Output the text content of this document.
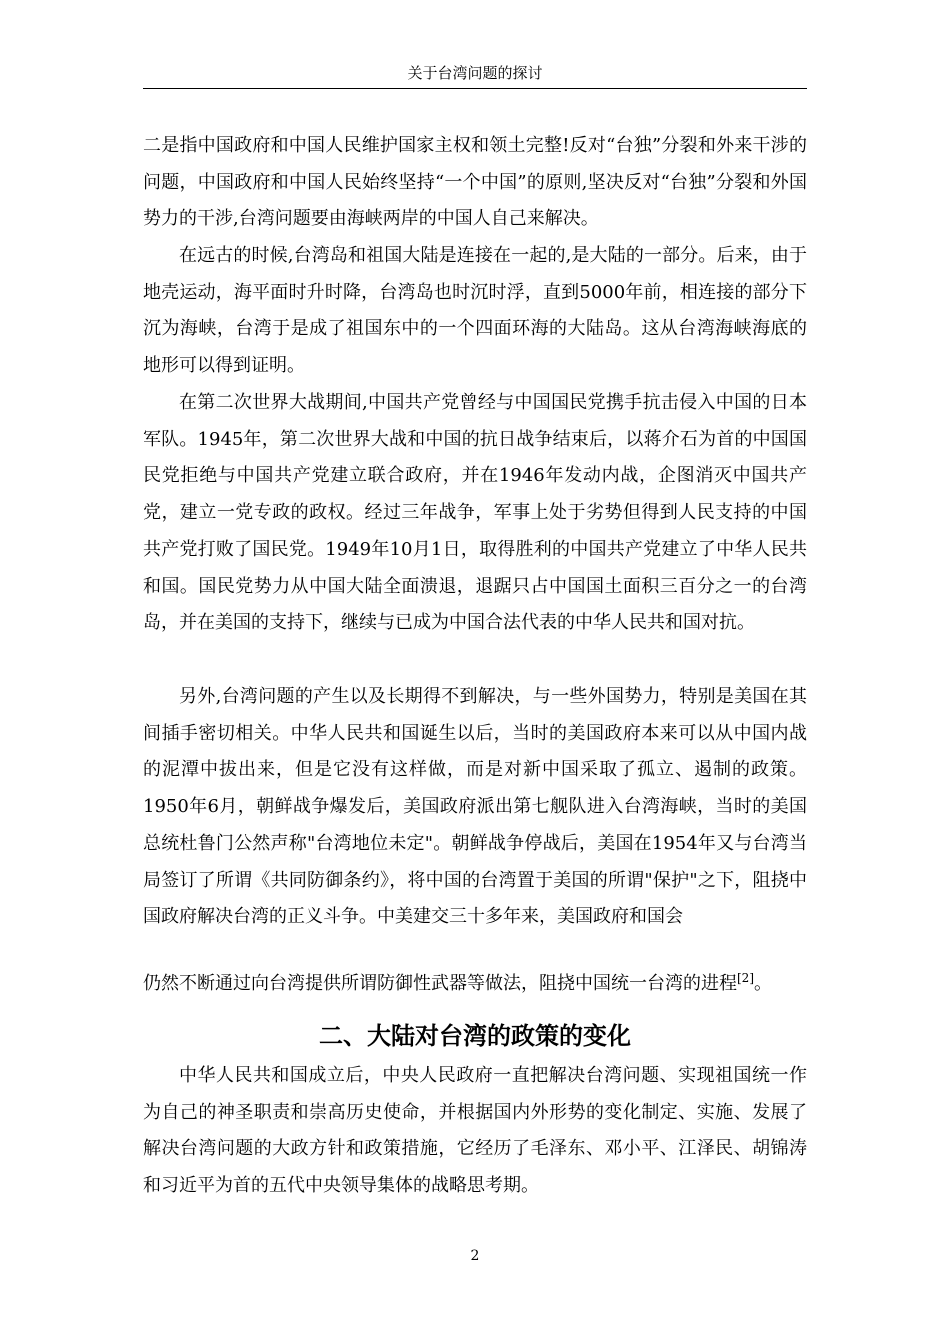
关于台湾问题的探讨

二是指中国政府和中国人民维护国家主权和领土完整!反对“台独”分裂和外来干涉的问题，中国政府和中国人民始终坚持“一个中国”的原则,坚决反对“台独”分裂和外国势力的干涉,台湾问题要由海峡两岸的中国人自己来解决。

在远古的时候,台湾岛和祖国大陆是连接在一起的,是大陆的一部分。后来，由于地壳运动，海平面时升时降，台湾岛也时沉时浮，直到5000年前，相连接的部分下沉为海峡，台湾于是成了祖国东中的一个四面环海的大陆岛。这从台湾海峡海底的地形可以得到证明。

在第二次世界大战期间,中国共产党曾经与中国国民党携手抗击侵入中国的日本军队。1945年，第二次世界大战和中国的抗日战争结束后，以蒋介石为首的中国国民党拒绝与中国共产党建立联合政府，并在1946年发动内战，企图消灭中国共产党，建立一党专政的政权。经过三年战争，军事上处于劣势但得到人民支持的中国共产党打败了国民党。1949年10月1日，取得胜利的中国共产党建立了中华人民共和国。国民党势力从中国大陆全面溃退，退踞只占中国国土面积三百分之一的台湾岛，并在美国的支持下，继续与已成为中国合法代表的中华人民共和国对抗。

另外,台湾问题的产生以及长期得不到解决，与一些外国势力，特别是美国在其间插手密切相关。中华人民共和国诞生以后，当时的美国政府本来可以从中国内战的泥潭中拔出来，但是它没有这样做，而是对新中国采取了孤立、遏制的政策。1950年6月，朝鲜战争爆发后，美国政府派出第七舰队进入台湾海峡，当时的美国总统杜鲁门公然声称"台湾地位未定"。朝鲜战争停战后，美国在1954年又与台湾当局签订了所谓《共同防御条约》，将中国的台湾置于美国的所谓"保护"之下，阻挠中国政府解决台湾的正义斗争。中美建交三十多年来，美国政府和国会

仍然不断通过向台湾提供所谓防御性武器等做法，阻挠中国统一台湾的进程[2]。

二、大陆对台湾的政策的变化

中华人民共和国成立后，中央人民政府一直把解决台湾问题、实现祖国统一作为自己的神圣职责和崇高历史使命，并根据国内外形势的变化制定、实施、发展了解决台湾问题的大政方针和政策措施，它经历了毛泽东、邓小平、江泽民、胡锦涛和习近平为首的五代中央领导集体的战略思考期。

2
